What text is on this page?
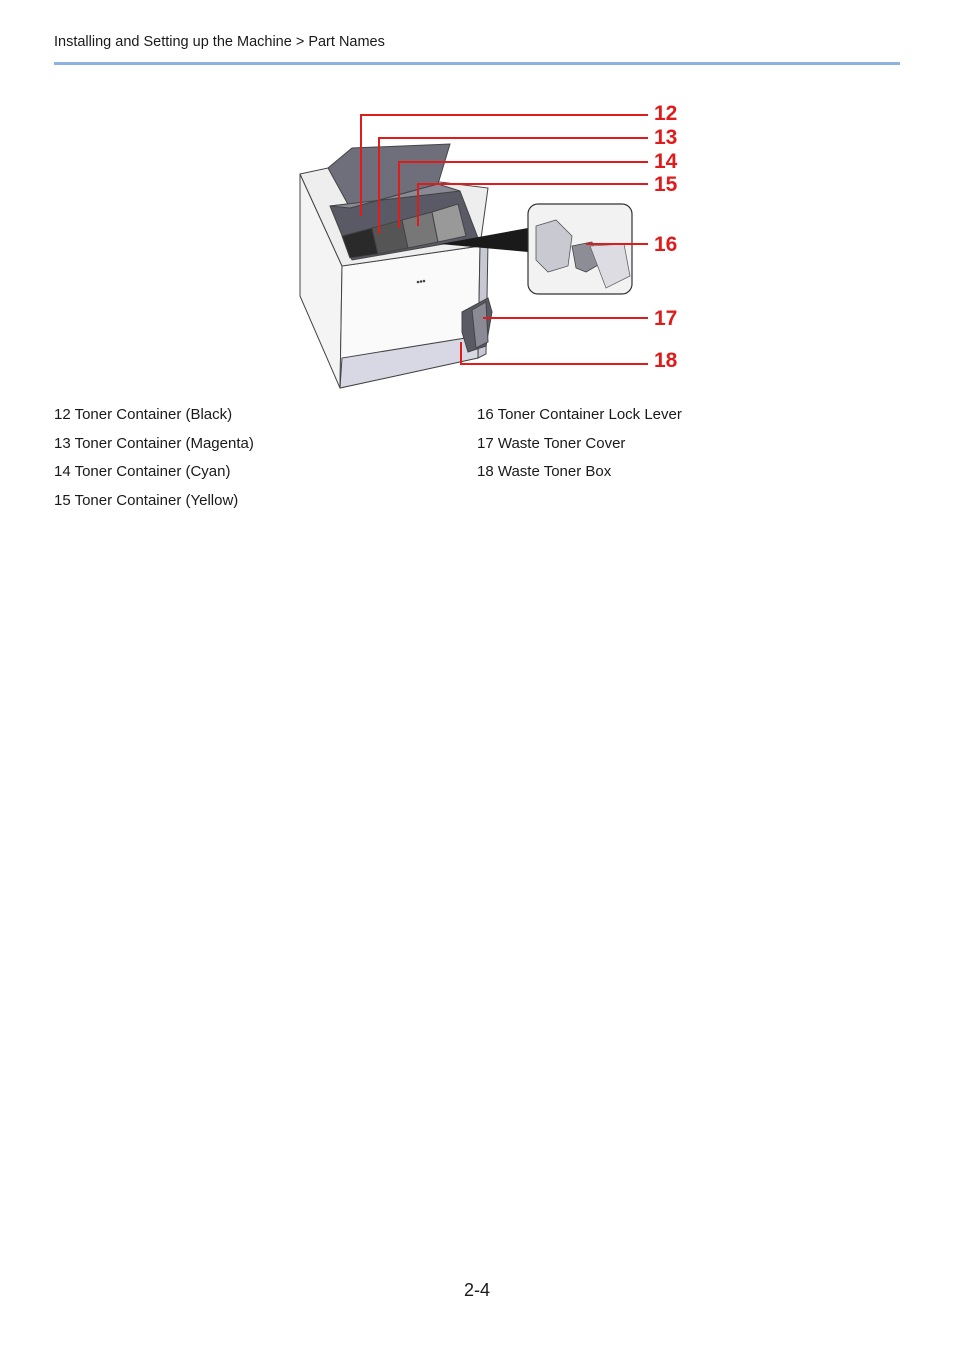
Installing and Setting up the Machine > Part Names
12
13
14
15
16
17
18
12 Toner Container (Black)
13 Toner Container (Magenta)
14 Toner Container (Cyan)
15 Toner Container (Yellow)
16 Toner Container Lock Lever
17 Waste Toner Cover
18 Waste Toner Box
2-4
